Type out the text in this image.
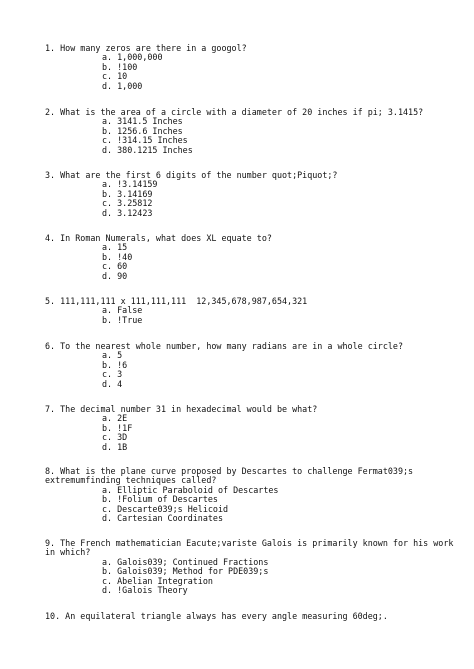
1. How many zeros are there in a googol?
a. 1,000,000
b. !100
c. 10
d. 1,000
2. What is the area of a circle with a diameter of 20 inches if pi; 3.1415?
a. 3141.5 Inches
b. 1256.6 Inches
c. !314.15 Inches
d. 380.1215 Inches
3. What are the first 6 digits of the number quot;Piquot;?
a. !3.14159
b. 3.14169
c. 3.25812
d. 3.12423
4. In Roman Numerals, what does XL equate to?
a. 15
b. !40
c. 60
d. 90
5. 111,111,111 x 111,111,111  12,345,678,987,654,321
a. False
b. !True
6. To the nearest whole number, how many radians are in a whole circle?
a. 5
b. !6
c. 3
d. 4
7. The decimal number 31 in hexadecimal would be what?
a. 2E
b. !1F
c. 3D
d. 1B
8. What is the plane curve proposed by Descartes to challenge Fermat039;s extremumfinding techniques called?
a. Elliptic Paraboloid of Descartes
b. !Folium of Descartes
c. Descarte039;s Helicoid
d. Cartesian Coordinates
9. The French mathematician Eacute;variste Galois is primarily known for his work in which?
a. Galois039; Continued Fractions
b. Galois039; Method for PDE039;s
c. Abelian Integration
d. !Galois Theory
10. An equilateral triangle always has every angle measuring 60deg;.
